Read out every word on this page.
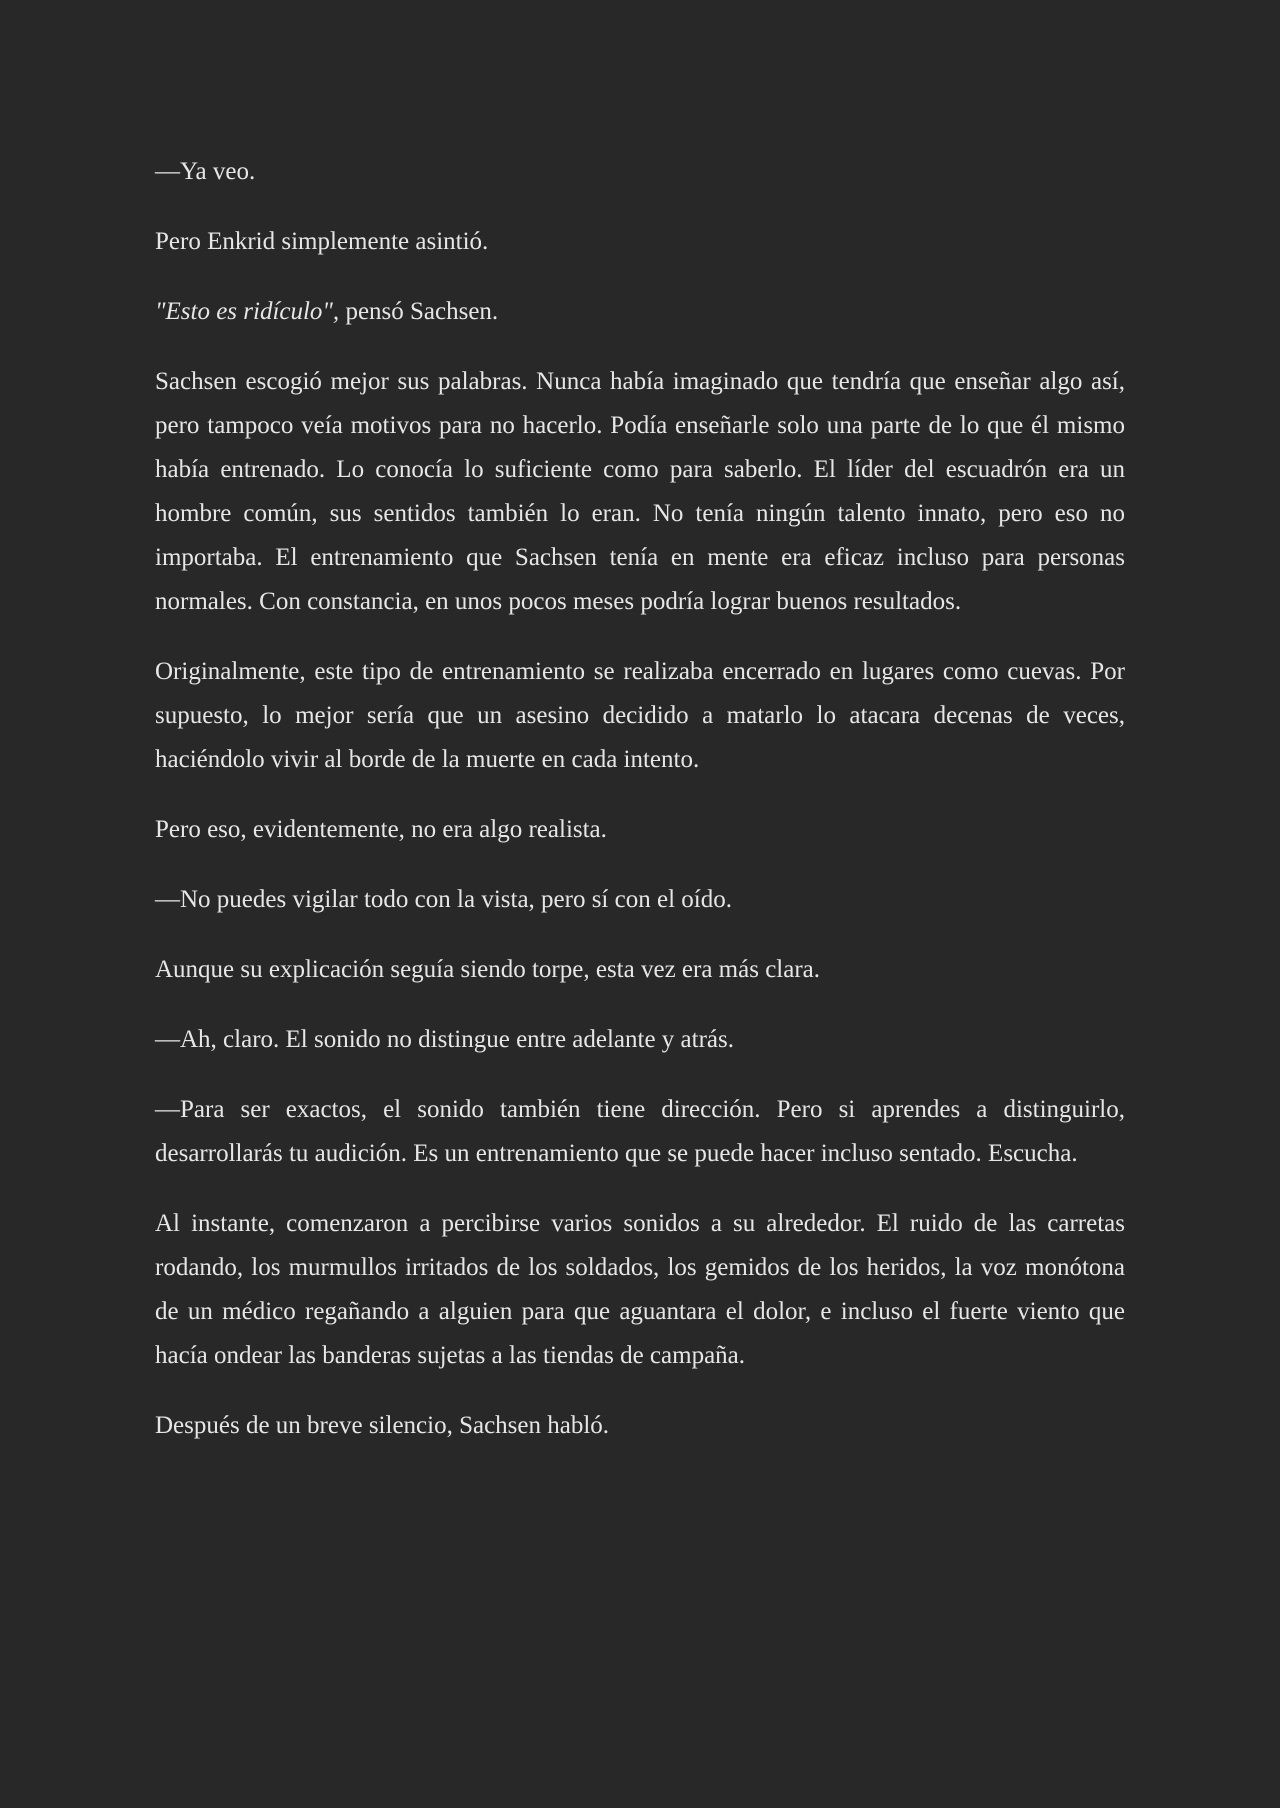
—Ya veo.

Pero Enkrid simplemente asintió.

"Esto es ridículo", pensó Sachsen.

Sachsen escogió mejor sus palabras. Nunca había imaginado que tendría que enseñar algo así, pero tampoco veía motivos para no hacerlo. Podía enseñarle solo una parte de lo que él mismo había entrenado. Lo conocía lo suficiente como para saberlo. El líder del escuadrón era un hombre común, sus sentidos también lo eran. No tenía ningún talento innato, pero eso no importaba. El entrenamiento que Sachsen tenía en mente era eficaz incluso para personas normales. Con constancia, en unos pocos meses podría lograr buenos resultados.

Originalmente, este tipo de entrenamiento se realizaba encerrado en lugares como cuevas. Por supuesto, lo mejor sería que un asesino decidido a matarlo lo atacara decenas de veces, haciéndolo vivir al borde de la muerte en cada intento.

Pero eso, evidentemente, no era algo realista.

—No puedes vigilar todo con la vista, pero sí con el oído.

Aunque su explicación seguía siendo torpe, esta vez era más clara.

—Ah, claro. El sonido no distingue entre adelante y atrás.

—Para ser exactos, el sonido también tiene dirección. Pero si aprendes a distinguirlo, desarrollarás tu audición. Es un entrenamiento que se puede hacer incluso sentado. Escucha.

Al instante, comenzaron a percibirse varios sonidos a su alrededor. El ruido de las carretas rodando, los murmullos irritados de los soldados, los gemidos de los heridos, la voz monótona de un médico regañando a alguien para que aguantara el dolor, e incluso el fuerte viento que hacía ondear las banderas sujetas a las tiendas de campaña.

Después de un breve silencio, Sachsen habló.
